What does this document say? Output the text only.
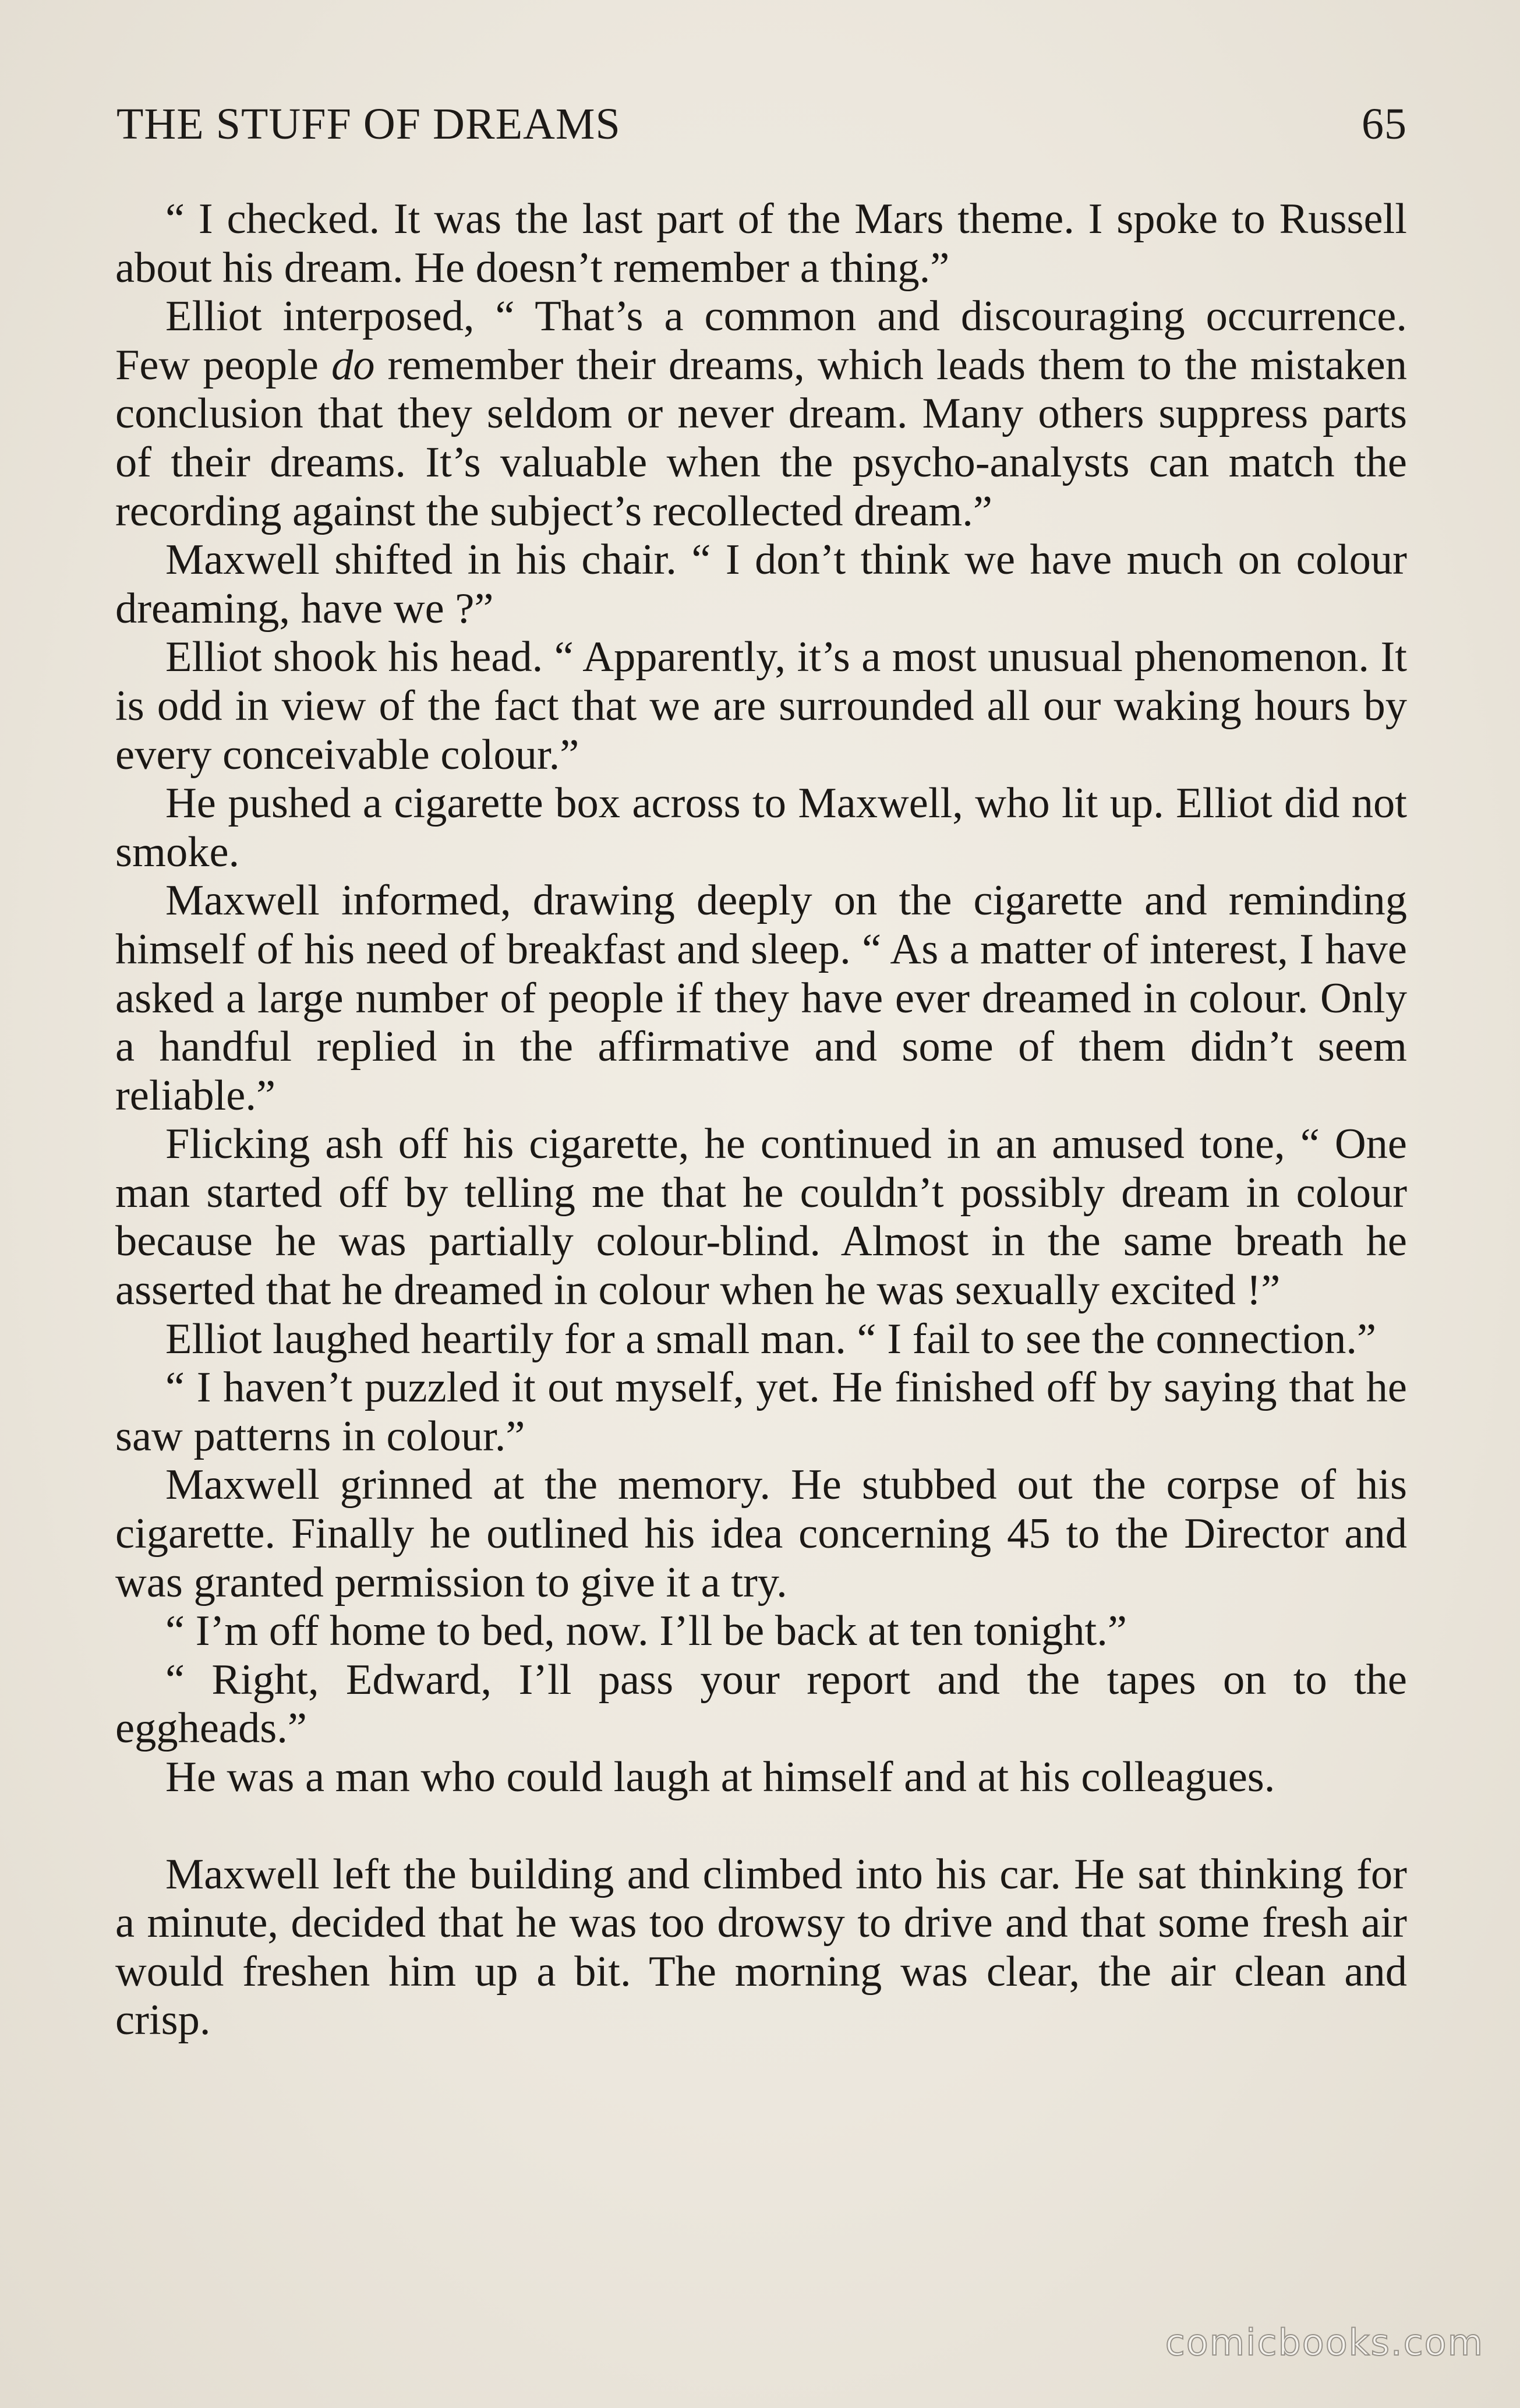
THE STUFF OF DREAMS	65

“ I checked. It was the last part of the Mars theme. I spoke to Russell about his dream. He doesn’t remember a thing.”

Elliot interposed, “ That’s a common and discouraging occurrence. Few people do remember their dreams, which leads them to the mistaken conclusion that they seldom or never dream. Many others suppress parts of their dreams. It’s valuable when the psycho-analysts can match the recording against the subject’s recollected dream.”

Maxwell shifted in his chair. “ I don’t think we have much on colour dreaming, have we ?”

Elliot shook his head. “ Apparently, it’s a most unusual phenomenon. It is odd in view of the fact that we are surrounded all our waking hours by every conceivable colour.”

He pushed a cigarette box across to Maxwell, who lit up. Elliot did not smoke.

Maxwell informed, drawing deeply on the cigarette and reminding himself of his need of breakfast and sleep. “ As a matter of interest, I have asked a large number of people if they have ever dreamed in colour. Only a handful replied in the affirmative and some of them didn’t seem reliable.”

Flicking ash off his cigarette, he continued in an amused tone, “ One man started off by telling me that he couldn’t possibly dream in colour because he was partially colour-​blind. Almost in the same breath he asserted that he dreamed in colour when he was sexually excited !”

Elliot laughed heartily for a small man. “ I fail to see the connection.”

“ I haven’t puzzled it out myself, yet. He finished off by saying that he saw patterns in colour.”

Maxwell grinned at the memory. He stubbed out the corpse of his cigarette. Finally he outlined his idea concerning 45 to the Director and was granted permission to give it a try.

“ I’m off home to bed, now. I’ll be back at ten tonight.”

“ Right, Edward, I’ll pass your report and the tapes on to the eggheads.”

He was a man who could laugh at himself and at his colleagues.

Maxwell left the building and climbed into his car. He sat thinking for a minute, decided that he was too drowsy to drive and that some fresh air would freshen him up a bit. The morning was clear, the air clean and crisp.

comicbooks.com
